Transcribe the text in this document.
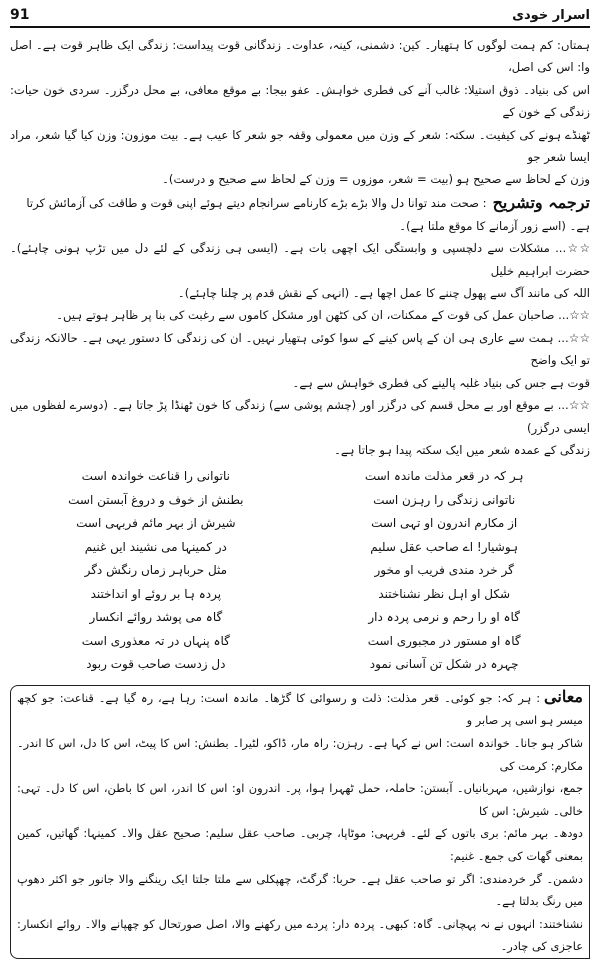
91	اسرار خودی

ہمتاں: کم ہمت لوگوں کا ہتھیار۔ کین: دشمنی، کینہ، عداوت۔ زندگانی قوت پیداست: زندگی ایک ظاہر قوت ہے۔ اصل وا: اس کی اصل،

اس کی بنیاد۔ ذوق استیلا: غالب آنے کی فطری خواہش۔ عفو بیجا: بے موقع معافی، بے محل درگزر۔ سردی خون حیات: زندگی کے خون کے

ٹھنڈے ہونے کی کیفیت۔ سکتہ: شعر کے وزن میں معمولی وقفہ جو شعر کا عیب ہے۔ بیت موزون: وزن کیا گیا شعر، مراد ایسا شعر جو

وزن کے لحاظ سے صحیح ہو (بیت = شعر، موزوں = وزن کے لحاظ سے صحیح و درست)۔

ترجمہ وتشریح
: صحت مند توانا دل والا بڑے بڑے کارنامے سرانجام دیتے ہوئے اپنی قوت و طاقت کی آزمائش کرتا

ہے۔ (اسے زور آزمانے کا موقع ملتا ہے)۔

☆☆... مشکلات سے دلچسپی و وابستگی ایک اچھی بات ہے۔ (ایسی ہی زندگی کے لئے دل میں تڑپ ہونی چاہئے)۔ حضرت ابراہیم خلیل

اللہ کی مانند آگ سے پھول چننے کا عمل اچھا ہے۔ (انہی کے نقش قدم پر چلنا چاہئے)۔

☆☆... صاحبان عمل کی قوت کے ممکنات، ان کی کٹھن اور مشکل کاموں سے رغبت کی بنا پر ظاہر ہوتے ہیں۔

☆☆... ہمت سے عاری ہی ان کے پاس کینے کے سوا کوئی ہتھیار نہیں۔ ان کی زندگی کا دستور یہی ہے۔ حالانکہ زندگی تو ایک واضح

قوت ہے جس کی بنیاد غلبہ پالینے کی فطری خواہش سے ہے۔

☆☆... بے موقع اور بے محل قسم کی درگزر اور (چشم پوشی سے) زندگی کا خون ٹھنڈا پڑ جاتا ہے۔ (دوسرے لفظوں میں ایسی درگزر)

زندگی کے عمدہ شعر میں ایک سکتہ پیدا ہو جاتا ہے۔

ہر کہ در قعر مذلت ماندہ است
ناتوانی را قناعت خواندہ است
ناتوانی زندگی را رہزن است
بطنش از خوف و دروغ آبستن است
از مکارم اندرون او تہی است
شیرش از بہر مائم فربہی است
ہوشیار! اے صاحب عقل سلیم
در کمینہا می نشیند ایں غنیم
گر خرد مندی فریب او مخور
مثل حرباہر زماں رنگش دگر
شکل او اہل نظر نشناختند
پردہ ہا بر روئے او انداختند
گاہ او را رحم و نرمی پردہ دار
گاہ می پوشد روائے انکسار
گاہ او مستور در مجبوری است
گاہ پنہاں در تہ معذوری است
چہرہ در شکل تن آسانی نمود
دل زدست صاحب قوت ربود

معانی: ہر کہ: جو کوئی۔ قعر مذلت: ذلت و رسوائی کا گڑھا۔ ماندہ است: رہا ہے، رہ گیا ہے۔ قناعت: جو کچھ میسر ہو اسی پر صابر و

شاکر ہو جانا۔ خواندہ است: اس نے کہا ہے۔ رہزن: راہ مار، ڈاکو، لٹیرا۔ بطنش: اس کا پیٹ، اس کا دل، اس کا اندر۔ مکارم: کرمت کی

جمع، نوازشیں، مہربانیاں۔ آبستن: حاملہ، حمل ٹھہرا ہوا، پر۔ اندرون او: اس کا اندر، اس کا باطن، اس کا دل۔ تہی: خالی۔ شیرش: اس کا

دودھ۔ بہر مائم: بری باتوں کے لئے۔ فربہی: موٹاپا، چربی۔ صاحب عقل سلیم: صحیح عقل والا۔ کمینہا: گھاتیں، کمین بمعنی گھات کی جمع۔ غنیم:

دشمن۔ گر خردمندی: اگر تو صاحب عقل ہے۔ حربا: گرگٹ، چھپکلی سے ملتا جلتا ایک رینگنے والا جانور جو اکثر دھوپ میں رنگ بدلتا ہے۔

نشناختند: انہوں نے نہ پہچانی۔ گاہ: کبھی۔ پردہ دار: پردے میں رکھنے والا، اصل صورتحال کو چھپانے والا۔ روائے انکسار: عاجزی کی چادر۔
